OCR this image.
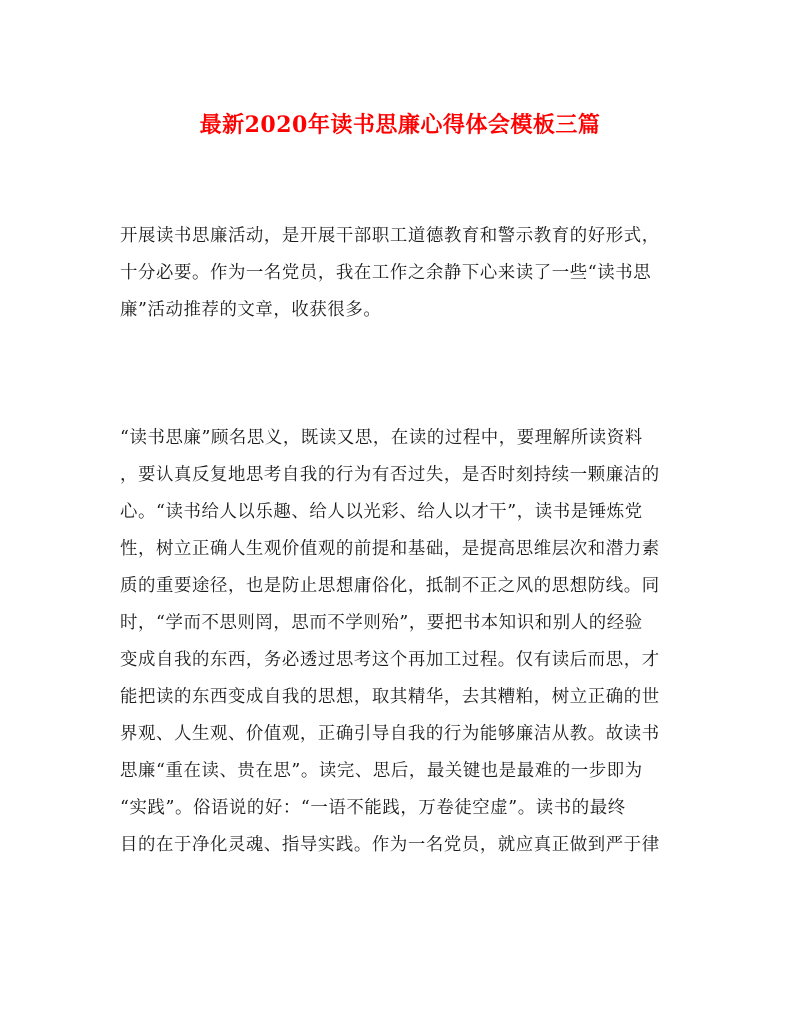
最新2020年读书思廉心得体会模板三篇
开展读书思廉活动，是开展干部职工道德教育和警示教育的好形式，
十分必要。作为一名党员，我在工作之余静下心来读了一些“读书思
廉”活动推荐的文章，收获很多。
“读书思廉”顾名思义，既读又思，在读的过程中，要理解所读资料
，要认真反复地思考自我的行为有否过失，是否时刻持续一颗廉洁的
心。“读书给人以乐趣、给人以光彩、给人以才干”，读书是锤炼党
性，树立正确人生观价值观的前提和基础，是提高思维层次和潜力素
质的重要途径，也是防止思想庸俗化，抵制不正之风的思想防线。同
时，“学而不思则罔，思而不学则殆”，要把书本知识和别人的经验
变成自我的东西，务必透过思考这个再加工过程。仅有读后而思，才
能把读的东西变成自我的思想，取其精华，去其糟粕，树立正确的世
界观、人生观、价值观，正确引导自我的行为能够廉洁从教。故读书
思廉“重在读、贵在思”。读完、思后，最关键也是最难的一步即为
“实践”。俗语说的好：“一语不能践，万卷徒空虚”。读书的最终
目的在于净化灵魂、指导实践。作为一名党员，就应真正做到严于律
